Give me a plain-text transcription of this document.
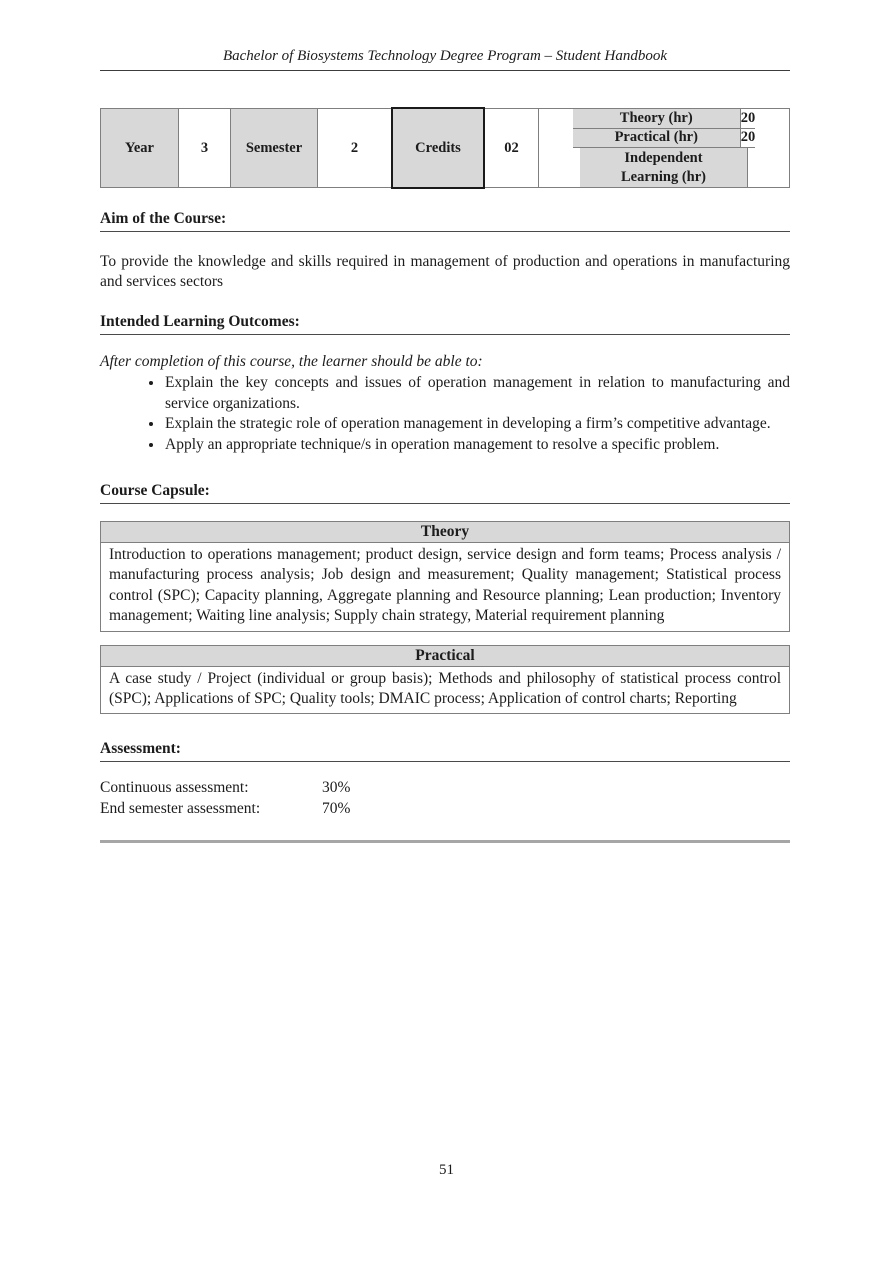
Bachelor of Biosystems Technology Degree Program – Student Handbook
Year	3	Semester	2	Credits	02
Theory (hr)	20
Practical (hr)	20
Independent Learning (hr)
Aim of the Course:

To provide the knowledge and skills required in management of production and operations in manufacturing and services sectors

Intended Learning Outcomes:

After completion of this course, the learner should be able to:

• Explain the key concepts and issues of operation management in relation to manufacturing and service organizations.
• Explain the strategic role of operation management in developing a firm’s competitive advantage.
• Apply an appropriate technique/s in operation management to resolve a specific problem.
Course Capsule:
Theory
Introduction to operations management; product design, service design and form teams; Process analysis / manufacturing process analysis; Job design and measurement; Quality management; Statistical process control (SPC); Capacity planning, Aggregate planning and Resource planning; Lean production; Inventory management; Waiting line analysis; Supply chain strategy, Material requirement planning
Practical
A case study / Project (individual or group basis); Methods and philosophy of statistical process control (SPC); Applications of SPC; Quality tools; DMAIC process; Application of control charts; Reporting
Assessment:
Continuous assessment:	30%
End semester assessment:	70%
51
